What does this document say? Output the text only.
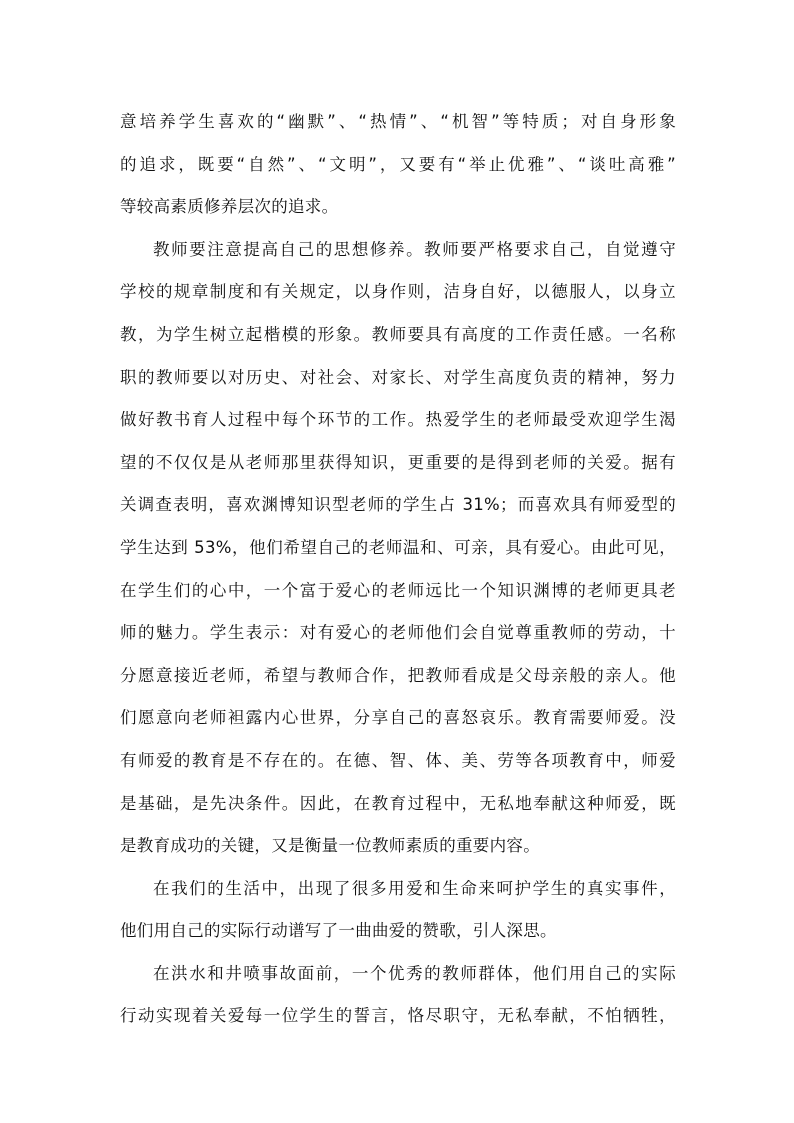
意培养学生喜欢的“幽默”、“热情”、“机智”等特质；对自身形象
的追求，既要“自然”、“文明”，又要有“举止优雅”、“谈吐高雅”
等较高素质修养层次的追求。
教师要注意提高自己的思想修养。教师要严格要求自己，自觉遵守
学校的规章制度和有关规定，以身作则，洁身自好，以德服人，以身立
教，为学生树立起楷模的形象。教师要具有高度的工作责任感。一名称
职的教师要以对历史、对社会、对家长、对学生高度负责的精神，努力
做好教书育人过程中每个环节的工作。热爱学生的老师最受欢迎学生渴
望的不仅仅是从老师那里获得知识，更重要的是得到老师的关爱。据有
关调查表明，喜欢渊博知识型老师的学生占 31%；而喜欢具有师爱型的
学生达到 53%，他们希望自己的老师温和、可亲，具有爱心。由此可见，
在学生们的心中，一个富于爱心的老师远比一个知识渊博的老师更具老
师的魅力。学生表示：对有爱心的老师他们会自觉尊重教师的劳动，十
分愿意接近老师，希望与教师合作，把教师看成是父母亲般的亲人。他
们愿意向老师袒露内心世界，分享自己的喜怒哀乐。教育需要师爱。没
有师爱的教育是不存在的。在德、智、体、美、劳等各项教育中，师爱
是基础，是先决条件。因此，在教育过程中，无私地奉献这种师爱，既
是教育成功的关键，又是衡量一位教师素质的重要内容。
在我们的生活中，出现了很多用爱和生命来呵护学生的真实事件，
他们用自己的实际行动谱写了一曲曲爱的赞歌，引人深思。
在洪水和井喷事故面前，一个优秀的教师群体，他们用自己的实际
行动实现着关爱每一位学生的誓言，恪尽职守，无私奉献，不怕牺牲，
